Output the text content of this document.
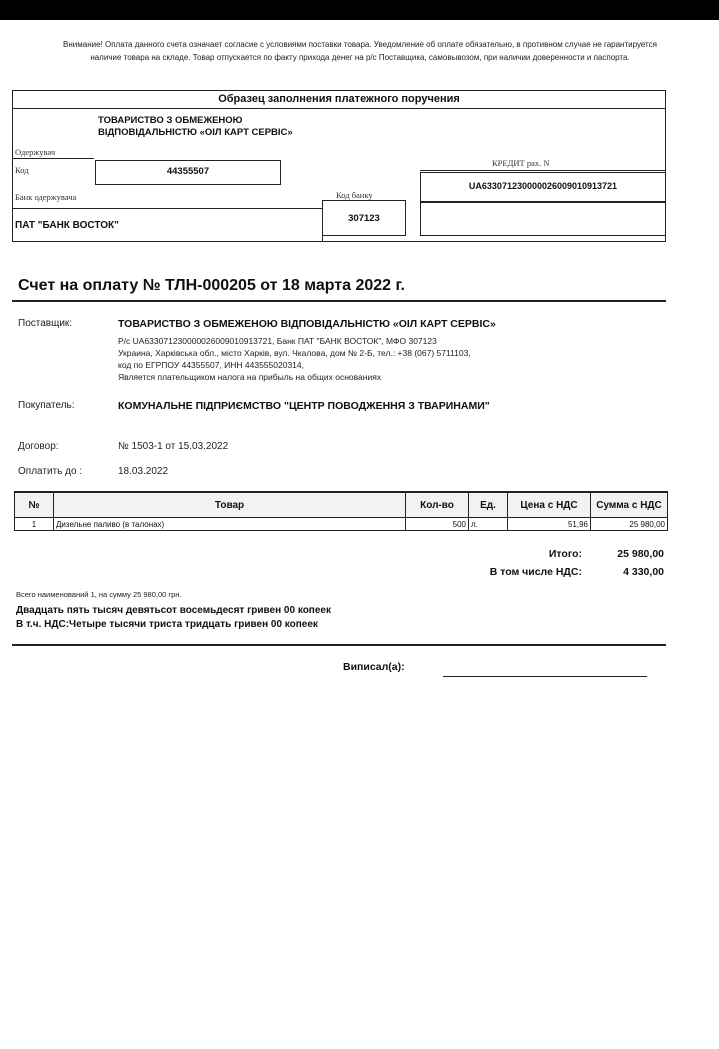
Внимание! Оплата данного счета означает согласие с условиями поставки товара. Уведомление об оплате обязательно, в противном случае не гарантируется наличие товара на складе. Товар отпускается по факту прихода денег на р/с Поставщика, самовывозом, при наличии доверенности и паспорта.
Образец заполнения платежного поручения
ТОВАРИСТВО З ОБМЕЖЕНОЮ ВІДПОВІДАЛЬНІСТЮ «ОІЛ КАРТ СЕРВІС»
Одержувач
Код	44355507
КРЕДИТ рах. N
UA633071230000026009010913721
Банк одержувача	Код банку
307123
ПАТ "БАНК ВОСТОК"
Счет на оплату № ТЛН-000205 от 18 марта 2022 г.
Поставщик:	ТОВАРИСТВО З ОБМЕЖЕНОЮ ВІДПОВІДАЛЬНІСТЮ «ОІЛ КАРТ СЕРВІС»
Р/с UA633071230000026009010913721, Банк ПАТ "БАНК ВОСТОК", МФО 307123
Украина, Харківська обл., місто Харків, вул. Чкалова, дом № 2-Б, тел.: +38 (067) 5711103,
код по ЕГРПОУ 44355507, ИНН 443555020314,
Является плательщиком налога на прибыль на общих основаниях
Покупатель:	КОМУНАЛЬНЕ ПІДПРИЄМСТВО "ЦЕНТР ПОВОДЖЕННЯ З ТВАРИНАМИ"
Договор:	№ 1503-1 от 15.03.2022
Оплатить до :	18.03.2022
№	Товар	Кол-во	Ед.	Цена с НДС	Сумма с НДС
1	Дизельне паливо (в талонах)	500	л.	51,96	25 980,00
Итого:	25 980,00
В том числе НДС:	4 330,00
Всего наименований 1, на сумму 25 980,00 грн.
Двадцать пять тысяч девятьсот восемьдесят гривен 00 копеек
В т.ч. НДС:Четыре тысячи триста тридцать гривен 00 копеек
Виписал(а):
